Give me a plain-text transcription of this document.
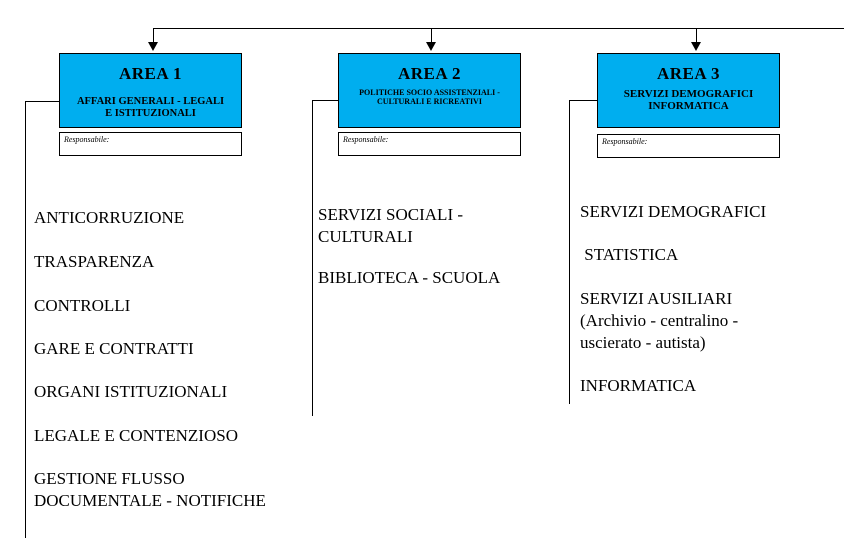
AREA 1
AFFARI GENERALI - LEGALI
E ISTITUZIONALI
Responsabile:
AREA 2
POLITICHE SOCIO ASSISTENZIALI -
CULTURALI E RICREATIVI
Responsabile:
AREA 3
SERVIZI DEMOGRAFICI
INFORMATICA
Responsabile:
ANTICORRUZIONE
TRASPARENZA
CONTROLLI
GARE E CONTRATTI
ORGANI ISTITUZIONALI
LEGALE E CONTENZIOSO
GESTIONE FLUSSO
DOCUMENTALE - NOTIFICHE
SERVIZI SOCIALI -
CULTURALI
BIBLIOTECA - SCUOLA
SERVIZI DEMOGRAFICI
STATISTICA
SERVIZI AUSILIARI
(Archivio - centralino -
uscierato - autista)
INFORMATICA
